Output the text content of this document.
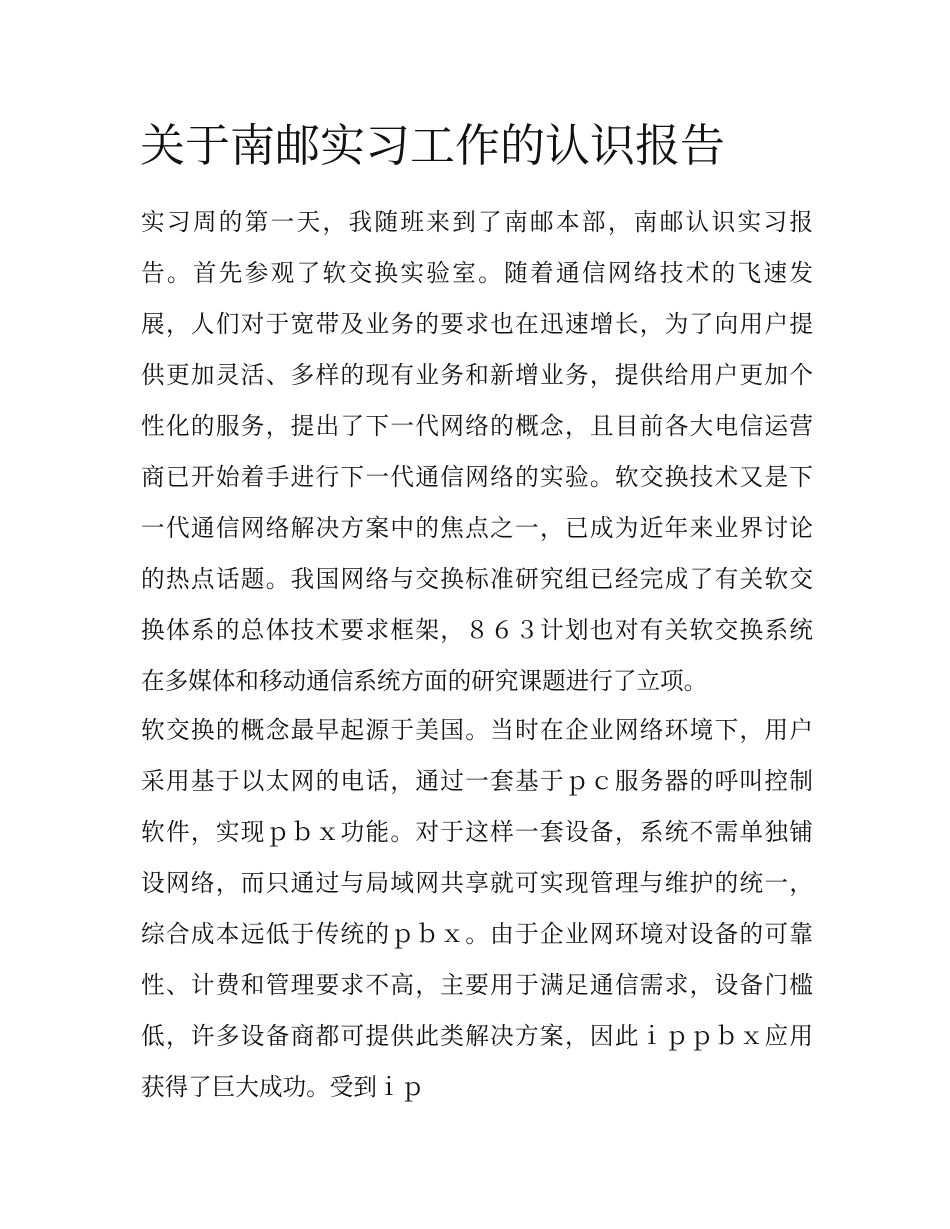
关于南邮实习工作的认识报告
实习周的第一天，我随班来到了南邮本部，南邮认识实习报
告。首先参观了软交换实验室。随着通信网络技术的飞速发
展，人们对于宽带及业务的要求也在迅速增长，为了向用户提
供更加灵活、多样的现有业务和新增业务，提供给用户更加个
性化的服务，提出了下一代网络的概念，且目前各大电信运营
商已开始着手进行下一代通信网络的实验。软交换技术又是下
一代通信网络解决方案中的焦点之一，已成为近年来业界讨论
的热点话题。我国网络与交换标准研究组已经完成了有关软交
换体系的总体技术要求框架，８６３计划也对有关软交换系统
在多媒体和移动通信系统方面的研究课题进行了立项。
软交换的概念最早起源于美国。当时在企业网络环境下，用户
采用基于以太网的电话，通过一套基于ｐｃ服务器的呼叫控制
软件，实现ｐｂｘ功能。对于这样一套设备，系统不需单独铺
设网络，而只通过与局域网共享就可实现管理与维护的统一，
综合成本远低于传统的ｐｂｘ。由于企业网环境对设备的可靠
性、计费和管理要求不高，主要用于满足通信需求，设备门槛
低，许多设备商都可提供此类解决方案，因此ｉｐｐｂｘ应用
获得了巨大成功。受到ｉｐ
